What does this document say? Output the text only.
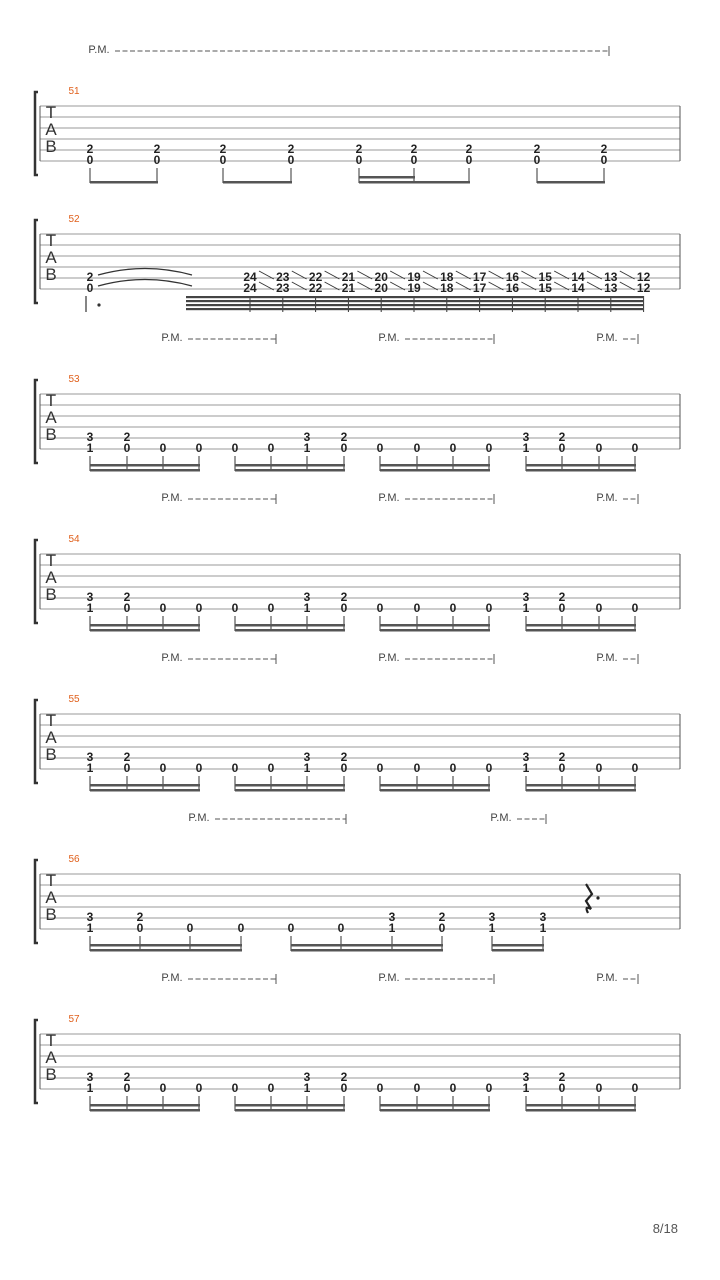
T
A
B
51
2
0
2
0
2
0
2
0
2
0
2
0
2
0
2
0
2
0
P.M.
T
A
B
52
2
0
24
24
23
23
22
22
21
21
20
20
19
19
18
18
17
17
16
16
15
15
14
14
13
13
12
12
T
A
B
53
3
1
2
0 0 0 0 0
3
1
2
0 0	0 0 0
3
1
2
0	0 0
P.M.	P.M.	P.M.
T
A
B
54
3
1
2
0 0 0 0 0
3
1
2
0 0	0 0 0
3
1
2
0	0 0
P.M.	P.M.	P.M.
T
A
B
55
3
1
2
0 0 0 0 0
3
1
2
0 0	0 0 0
3
1
2
0	0 0
P.M.	P.M.	P.M.
T
A
B
56
3
1
2
0	0	0	0	0
3
1
2
0
3
1
3
1
P.M.	P.M.
T
A
B
57
3
1
2
0 0 0 0 0
3
1
2
0 0	0 0 0
3
1
2
0	0 0
P.M.	P.M.	P.M.
8/18
